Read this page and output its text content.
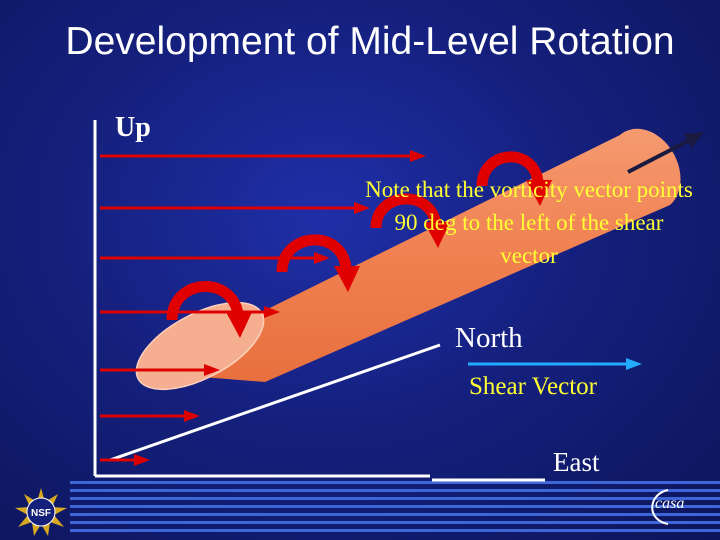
Development of Mid-Level Rotation
NSF
Up
Note that the vorticity vector points 90 deg to the left of the shear vector
North
Shear Vector
East
casa
